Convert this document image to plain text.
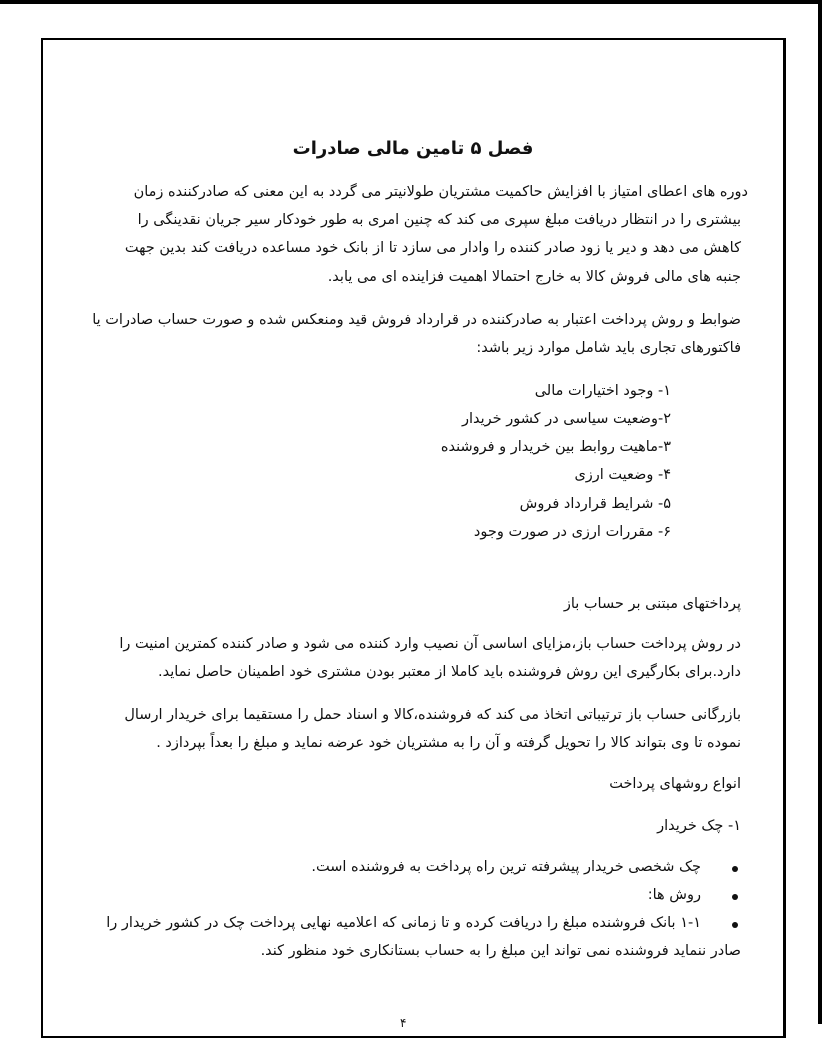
فصل ۵ تامین مالی صادرات
دوره های اعطای امتیاز با افزایش حاکمیت مشتریان طولانیتر می گردد به این معنی که صادرکننده زمان
بیشتری را در انتظار دریافت مبلغ سپری می کند که چنین امری به طور خودکار سیر جریان نقدینگی را
کاهش می دهد و دیر یا زود صادر کننده را وادار می سازد تا از بانک خود مساعده دریافت کند بدین جهت
جنبه های مالی فروش کالا به خارج احتمالا اهمیت فزاینده ای می یابد.
ضوابط و روش پرداخت اعتبار به صادرکننده در قرارداد فروش قید ومنعکس شده و صورت حساب صادرات یا
فاکتورهای تجاری باید شامل موارد زیر باشد:
۱- وجود اختیارات مالی
۲-وضعیت سیاسی در کشور خریدار
۳-ماهیت روابط بین خریدار و فروشنده
۴- وضعیت ارزی
۵- شرایط قرارداد فروش
۶- مقررات ارزی در صورت وجود
پرداختهای مبتنی بر حساب باز
در روش پرداخت حساب باز،مزایای اساسی آن نصیب وارد کننده می شود و صادر کننده کمترین امنیت را
دارد.برای بکارگیری این روش فروشنده باید کاملا از معتبر بودن مشتری خود اطمینان حاصل نماید.
بازرگانی حساب باز ترتیباتی اتخاذ می کند که فروشنده،کالا و اسناد حمل را مستقیما برای خریدار ارسال
نموده تا وی بتواند کالا را تحویل گرفته و آن را به مشتریان خود عرضه نماید و مبلغ را بعداً بپردازد .
انواع روشهای پرداخت
۱- چک خریدار
چک شخصی خریدار پیشرفته ترین راه پرداخت به فروشنده است.
روش ها:
۱-۱ بانک فروشنده مبلغ را دریافت کرده و تا زمانی که اعلامیه نهایی پرداخت چک در کشور خریدار را
صادر ننماید فروشنده نمی تواند این مبلغ را به حساب بستانکاری خود منظور کند.
۴
